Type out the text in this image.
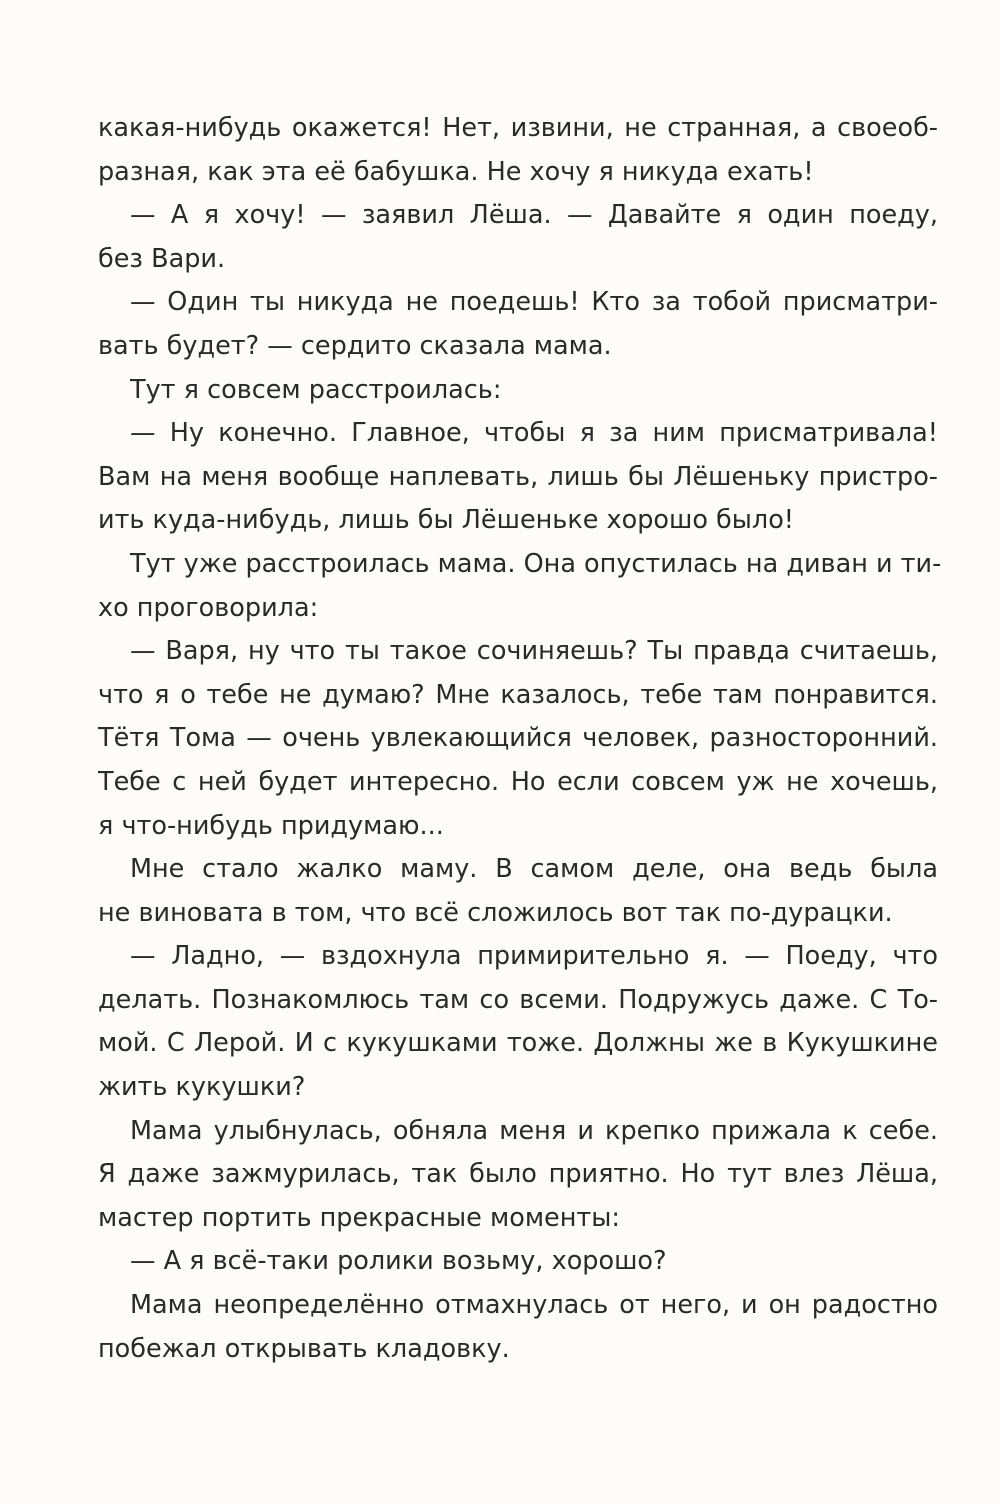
какая-нибудь окажется! Нет, извини, не странная, а своеоб-
разная, как эта её бабушка. Не хочу я никуда ехать!
— А я хочу! — заявил Лёша. — Давайте я один поеду,
без Вари.
— Один ты никуда не поедешь! Кто за тобой присматри-
вать будет? — сердито сказала мама.
Тут я совсем расстроилась:
— Ну конечно. Главное, чтобы я за ним присматривала!
Вам на меня вообще наплевать, лишь бы Лёшеньку пристро-
ить куда-нибудь, лишь бы Лёшеньке хорошо было!
Тут уже расстроилась мама. Она опустилась на диван и ти-
хо проговорила:
— Варя, ну что ты такое сочиняешь? Ты правда считаешь,
что я о тебе не думаю? Мне казалось, тебе там понравится.
Тётя Тома — очень увлекающийся человек, разносторонний.
Тебе с ней будет интересно. Но если совсем уж не хочешь,
я что-нибудь придумаю...
Мне стало жалко маму. В самом деле, она ведь была
не виновата в том, что всё сложилось вот так по-дурацки.
— Ладно, — вздохнула примирительно я. — Поеду, что
делать. Познакомлюсь там со всеми. Подружусь даже. С То-
мой. С Лерой. И с кукушками тоже. Должны же в Кукушкине
жить кукушки?
Мама улыбнулась, обняла меня и крепко прижала к себе.
Я даже зажмурилась, так было приятно. Но тут влез Лёша,
мастер портить прекрасные моменты:
— А я всё-таки ролики возьму, хорошо?
Мама неопределённо отмахнулась от него, и он радостно
побежал открывать кладовку.
